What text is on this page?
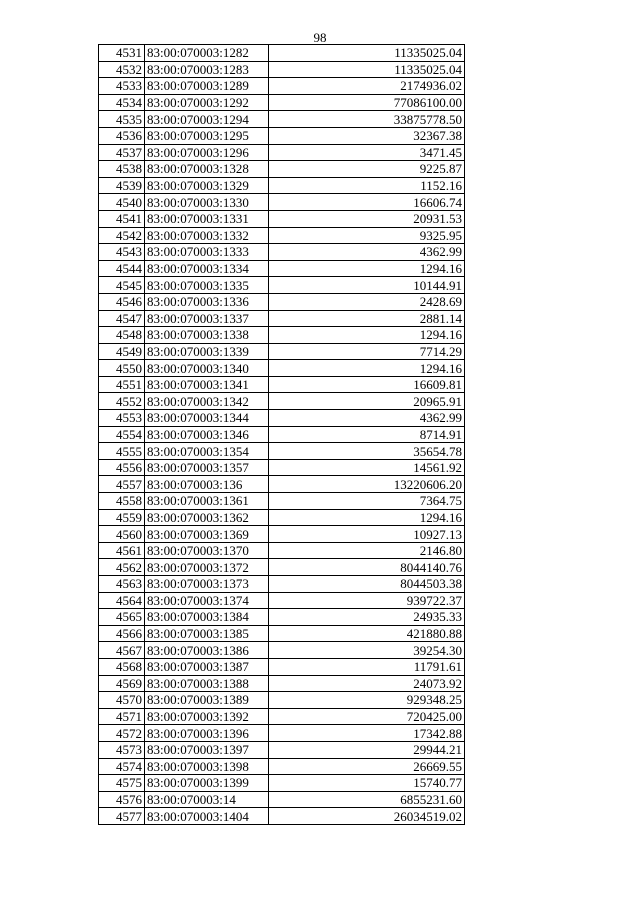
98
4531	83:00:070003:1282	11335025.04
4532	83:00:070003:1283	11335025.04
4533	83:00:070003:1289	2174936.02
4534	83:00:070003:1292	77086100.00
4535	83:00:070003:1294	33875778.50
4536	83:00:070003:1295	32367.38
4537	83:00:070003:1296	3471.45
4538	83:00:070003:1328	9225.87
4539	83:00:070003:1329	1152.16
4540	83:00:070003:1330	16606.74
4541	83:00:070003:1331	20931.53
4542	83:00:070003:1332	9325.95
4543	83:00:070003:1333	4362.99
4544	83:00:070003:1334	1294.16
4545	83:00:070003:1335	10144.91
4546	83:00:070003:1336	2428.69
4547	83:00:070003:1337	2881.14
4548	83:00:070003:1338	1294.16
4549	83:00:070003:1339	7714.29
4550	83:00:070003:1340	1294.16
4551	83:00:070003:1341	16609.81
4552	83:00:070003:1342	20965.91
4553	83:00:070003:1344	4362.99
4554	83:00:070003:1346	8714.91
4555	83:00:070003:1354	35654.78
4556	83:00:070003:1357	14561.92
4557	83:00:070003:136	13220606.20
4558	83:00:070003:1361	7364.75
4559	83:00:070003:1362	1294.16
4560	83:00:070003:1369	10927.13
4561	83:00:070003:1370	2146.80
4562	83:00:070003:1372	8044140.76
4563	83:00:070003:1373	8044503.38
4564	83:00:070003:1374	939722.37
4565	83:00:070003:1384	24935.33
4566	83:00:070003:1385	421880.88
4567	83:00:070003:1386	39254.30
4568	83:00:070003:1387	11791.61
4569	83:00:070003:1388	24073.92
4570	83:00:070003:1389	929348.25
4571	83:00:070003:1392	720425.00
4572	83:00:070003:1396	17342.88
4573	83:00:070003:1397	29944.21
4574	83:00:070003:1398	26669.55
4575	83:00:070003:1399	15740.77
4576	83:00:070003:14	6855231.60
4577	83:00:070003:1404	26034519.02
